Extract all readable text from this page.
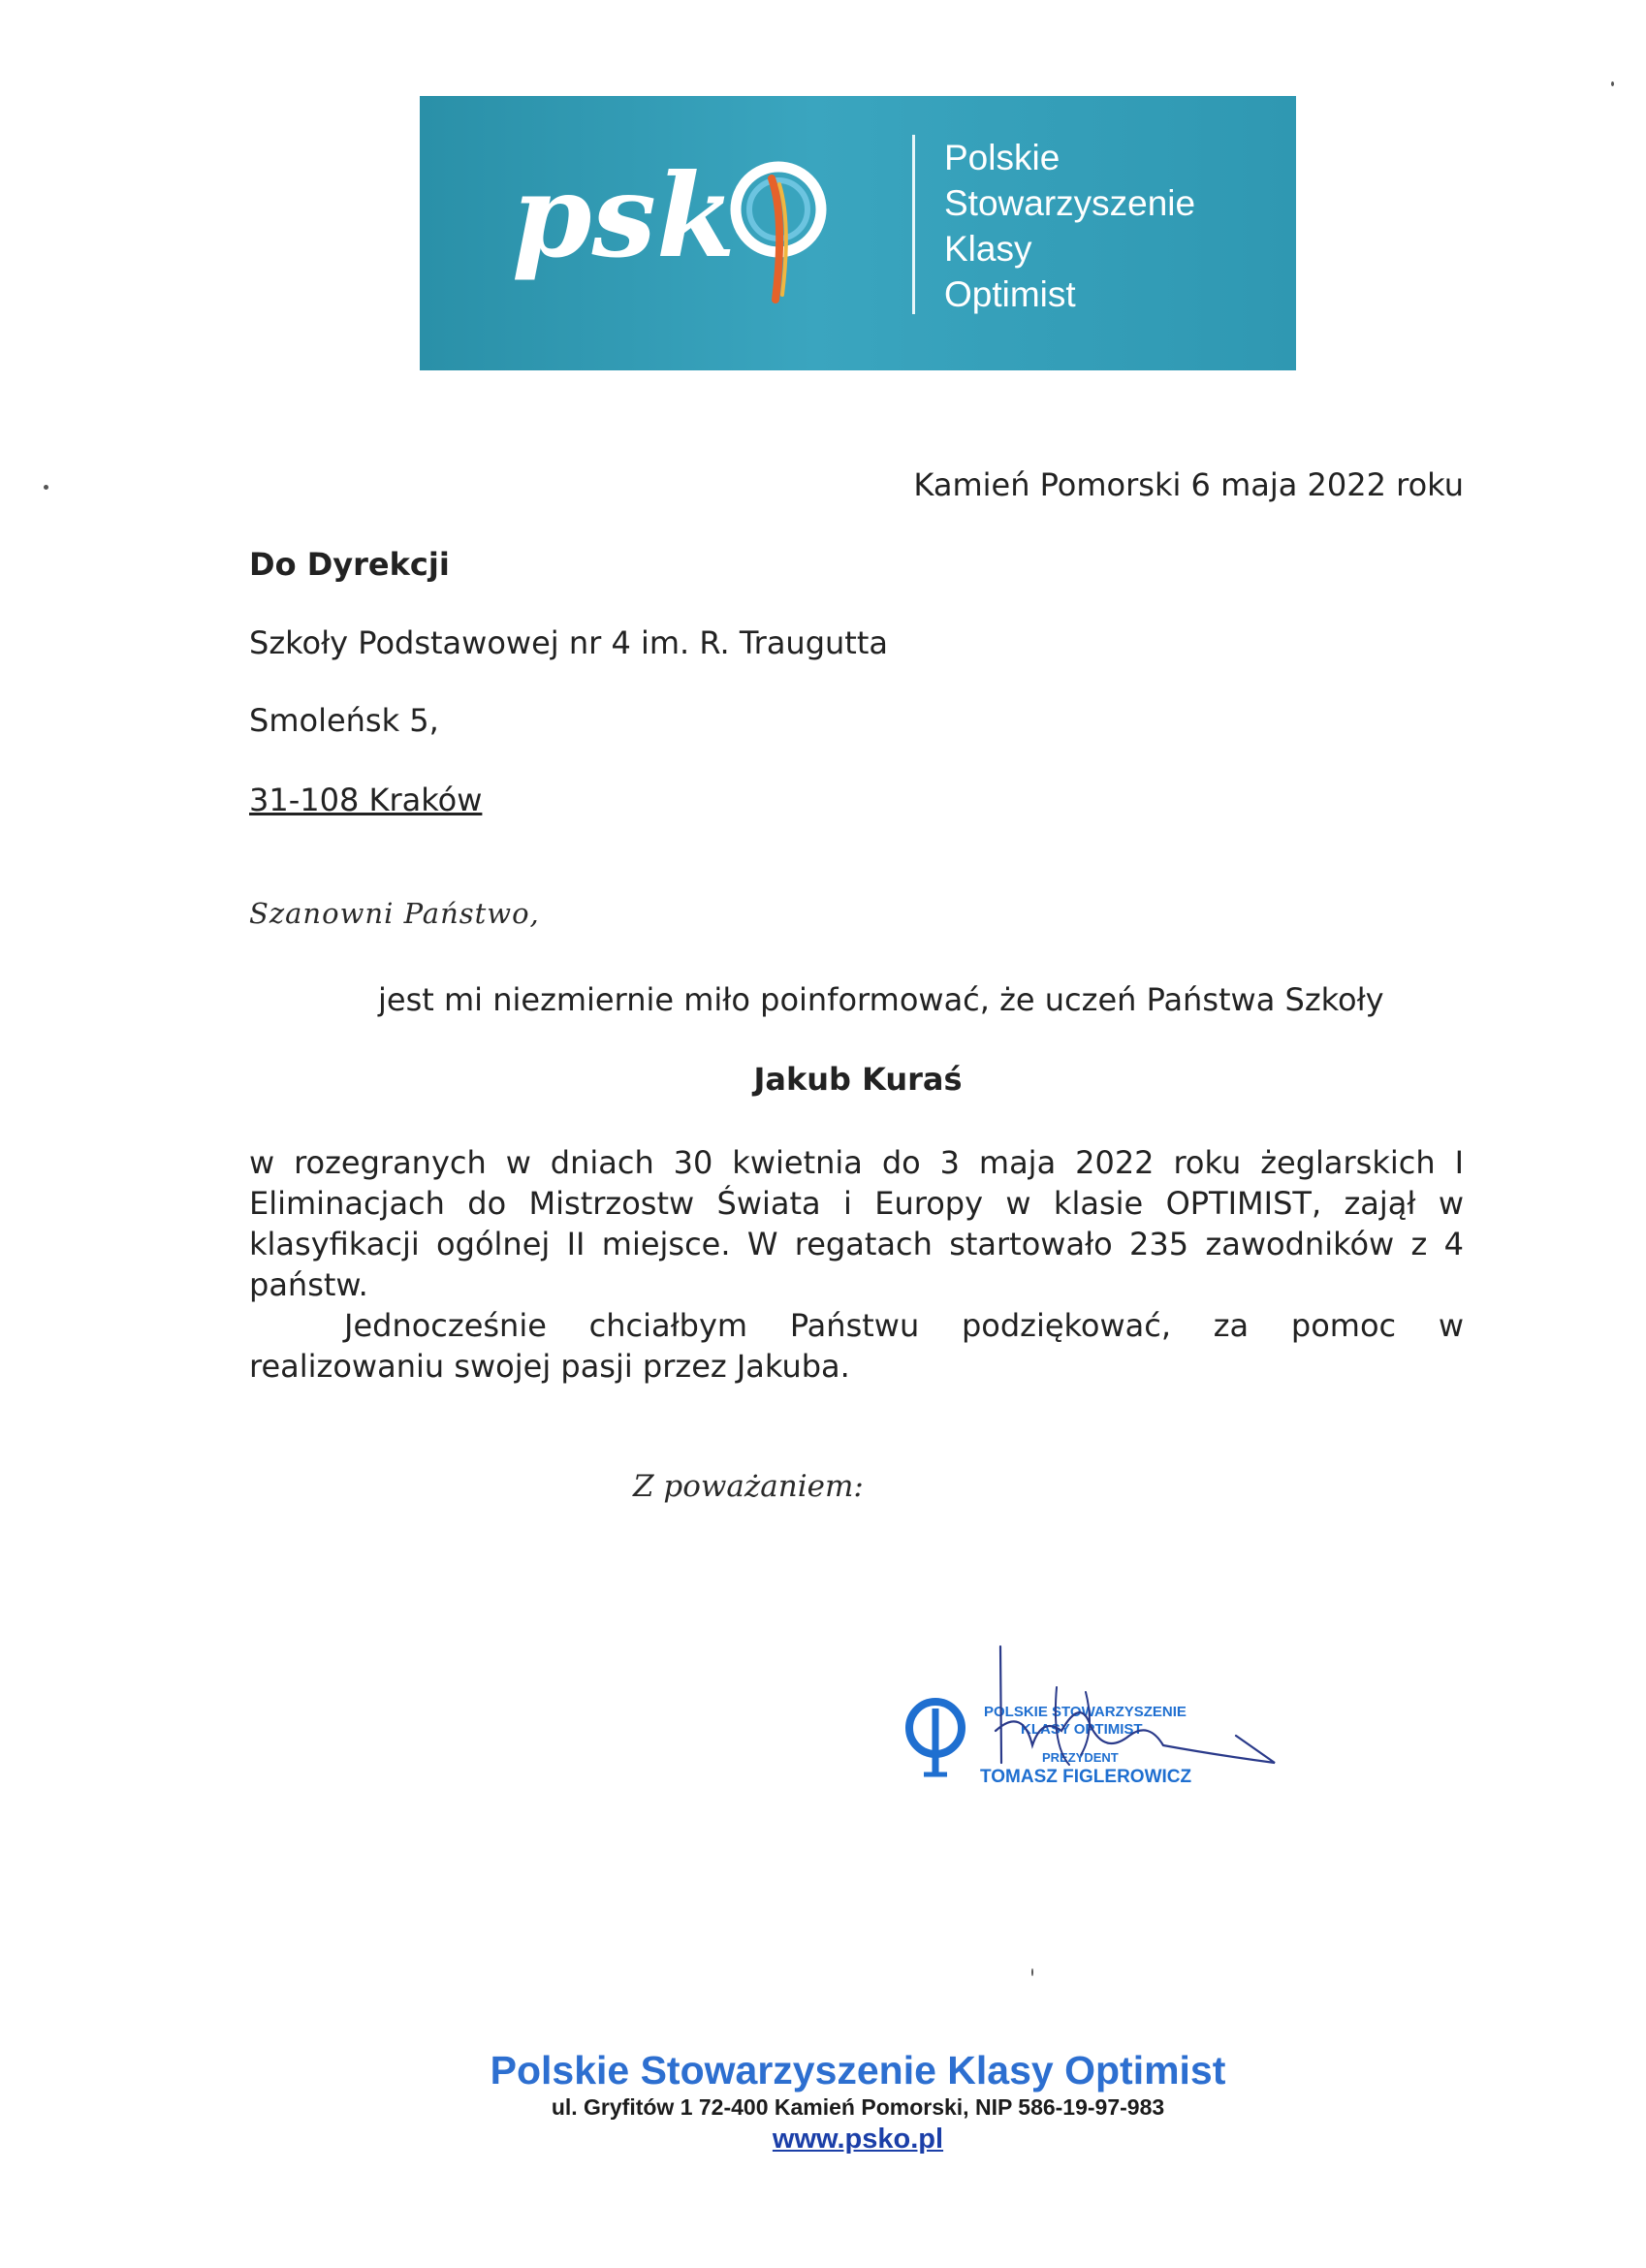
psk	Polskie
Stowarzyszenie
Klasy
Optimist
Kamień Pomorski 6 maja 2022 roku
Do Dyrekcji
Szkoły Podstawowej nr 4 im. R. Traugutta
Smoleńsk 5,
31-108 Kraków
Szanowni Państwo,
jest mi niezmiernie miło poinformować, że uczeń Państwa Szkoły
Jakub Kuraś

w rozegranych w dniach 30 kwietnia do 3 maja 2022 roku żeglarskich I Eliminacjach do Mistrzostw Świata i Europy w klasie OPTIMIST, zajął w klasyfikacji ogólnej II miejsce. W regatach startowało 235 zawodników z 4 państw.

Jednocześnie chciałbym Państwu podziękować, za pomoc w realizowaniu swojej pasji przez Jakuba.

Z poważaniem:
POLSKIE STOWARZYSZENIE
KLASY OPTIMIST
PREZYDENT
TOMASZ FIGLEROWICZ
Polskie Stowarzyszenie Klasy Optimist
ul. Gryfitów 1 72-400 Kamień Pomorski, NIP 586-19-97-983
www.psko.pl
